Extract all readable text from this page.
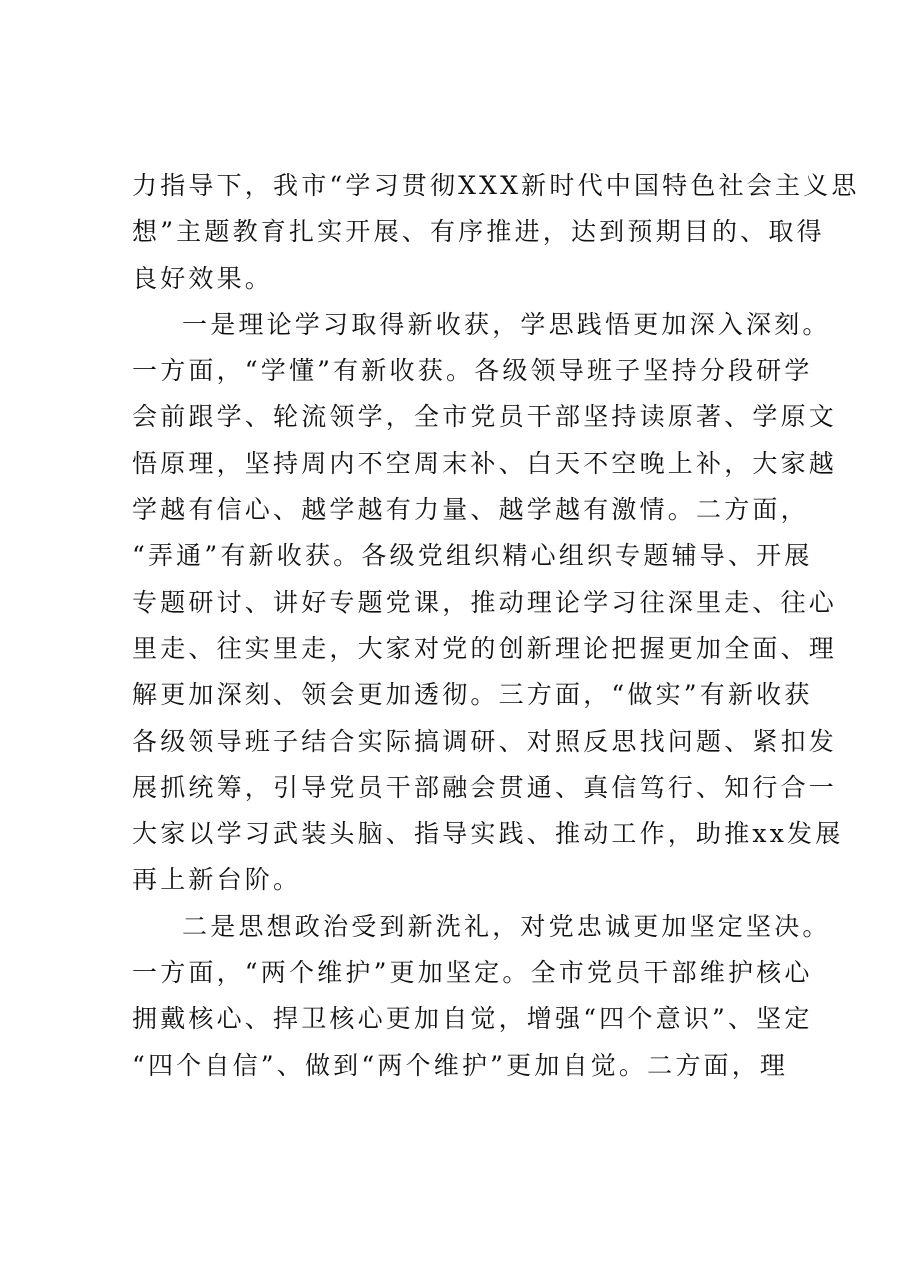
力指导下，我市“学习贯彻XXX新时代中国特色社会主义思
想”主题教育扎实开展、有序推进，达到预期目的、取得
良好效果。
一是理论学习取得新收获，学思践悟更加深入深刻。
一方面，“学懂”有新收获。各级领导班子坚持分段研学
会前跟学、轮流领学，全市党员干部坚持读原著、学原文
悟原理，坚持周内不空周末补、白天不空晚上补，大家越
学越有信心、越学越有力量、越学越有激情。二方面，
“弄通”有新收获。各级党组织精心组织专题辅导、开展
专题研讨、讲好专题党课，推动理论学习往深里走、往心
里走、往实里走，大家对党的创新理论把握更加全面、理
解更加深刻、领会更加透彻。三方面，“做实”有新收获
各级领导班子结合实际搞调研、对照反思找问题、紧扣发
展抓统筹，引导党员干部融会贯通、真信笃行、知行合一
大家以学习武装头脑、指导实践、推动工作，助推xx发展
再上新台阶。
二是思想政治受到新洗礼，对党忠诚更加坚定坚决。
一方面，“两个维护”更加坚定。全市党员干部维护核心
拥戴核心、捍卫核心更加自觉，增强“四个意识”、坚定
“四个自信”、做到“两个维护”更加自觉。二方面，理
